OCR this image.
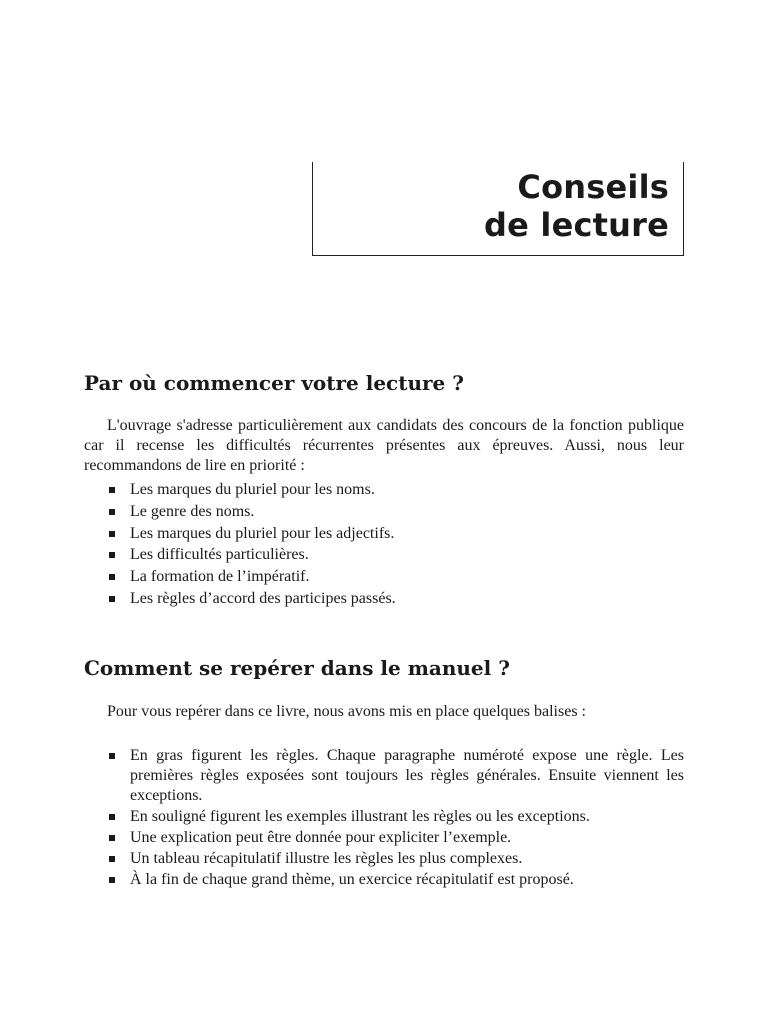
Conseils
de lecture
Par où commencer votre lecture ?

L'ouvrage s'adresse particulièrement aux candidats des concours de la fonction publique car il recense les difficultés récurrentes présentes aux épreuves. Aussi, nous leur recommandons de lire en priorité :

Les marques du pluriel pour les noms.
Le genre des noms.
Les marques du pluriel pour les adjectifs.
Les difficultés particulières.
La formation de l’impératif.
Les règles d’accord des participes passés.
Comment se repérer dans le manuel ?

Pour vous repérer dans ce livre, nous avons mis en place quelques balises :

En gras figurent les règles. Chaque paragraphe numéroté expose une règle. Les premières règles exposées sont toujours les règles générales. Ensuite viennent les exceptions.
En souligné figurent les exemples illustrant les règles ou les exceptions.
Une explication peut être donnée pour expliciter l’exemple.
Un tableau récapitulatif illustre les règles les plus complexes.
À la fin de chaque grand thème, un exercice récapitulatif est proposé.
